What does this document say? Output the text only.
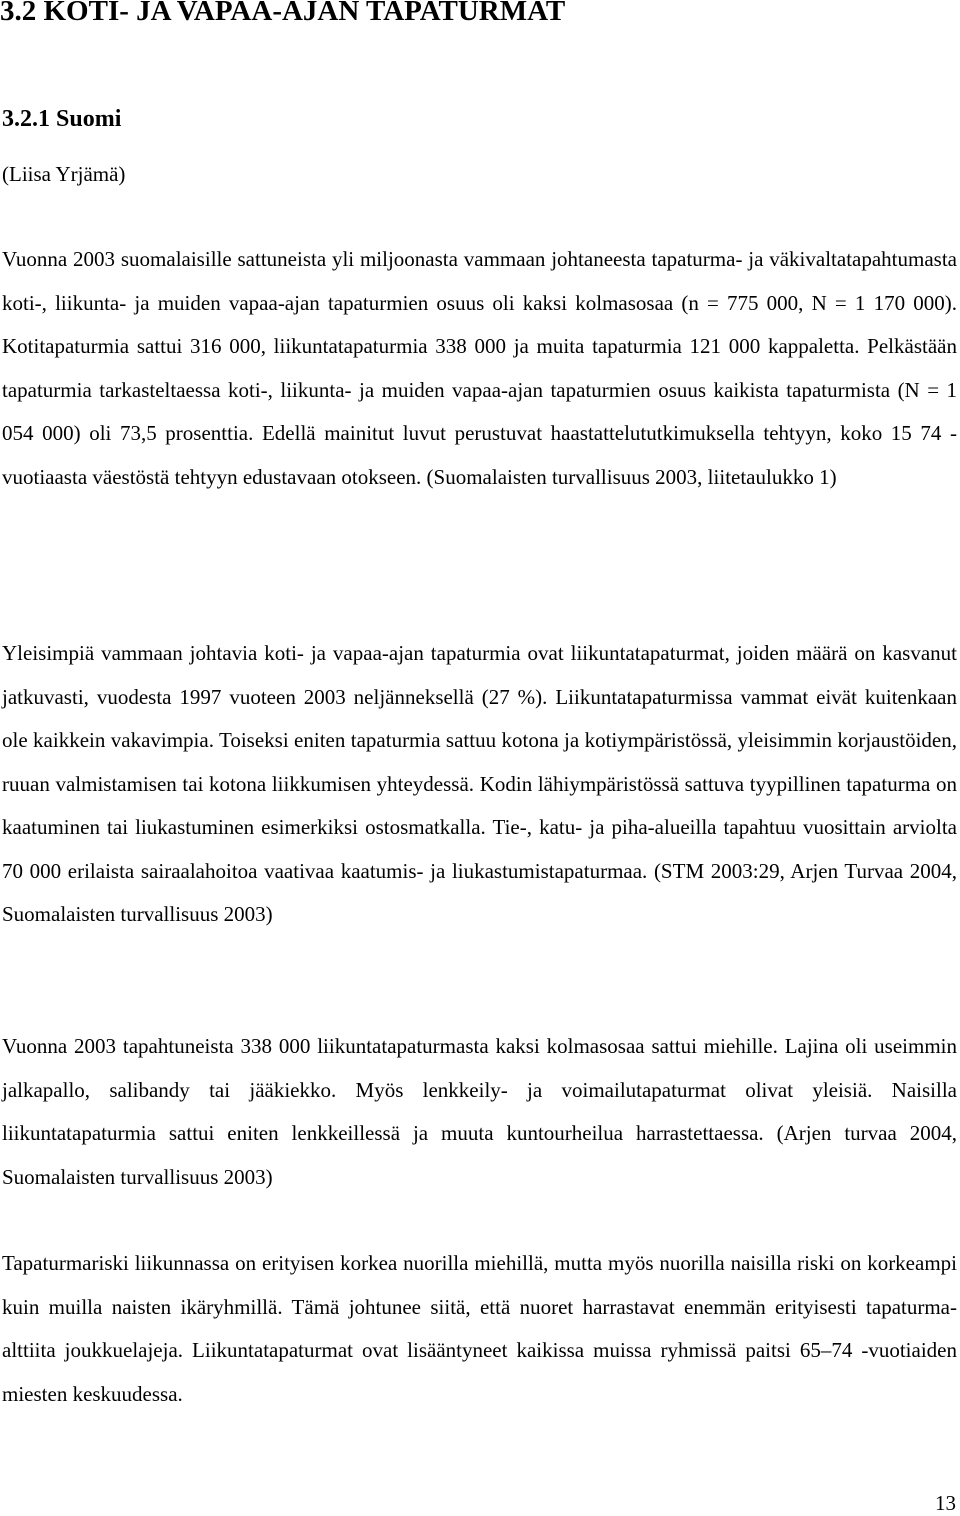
3.2 KOTI- JA VAPAA-AJAN TAPATURMAT
3.2.1 Suomi

(Liisa Yrjämä)

Vuonna 2003 suomalaisille sattuneista yli miljoonasta vammaan johtaneesta tapaturma- ja väkivaltatapahtumasta koti-, liikunta- ja muiden vapaa-ajan tapaturmien osuus oli kaksi kolmasosaa (n = 775 000, N = 1 170 000). Kotitapaturmia sattui 316 000, liikuntatapaturmia 338 000 ja muita tapaturmia 121 000 kappaletta. Pelkästään tapaturmia tarkasteltaessa koti-, liikunta- ja muiden vapaa-ajan tapaturmien osuus kaikista tapaturmista (N = 1 054 000) oli 73,5 prosenttia. Edellä mainitut luvut perustuvat haastattelututkimuksella tehtyyn, koko 15 74 -vuotiaasta väestöstä tehtyyn edustavaan otokseen. (Suomalaisten turvallisuus 2003, liitetaulukko 1)

Yleisimpiä vammaan johtavia koti- ja vapaa-ajan tapaturmia ovat liikuntatapaturmat, joiden määrä on kasvanut jatkuvasti, vuodesta 1997 vuoteen 2003 neljänneksellä (27 %). Liikuntatapaturmissa vammat eivät kuitenkaan ole kaikkein vakavimpia. Toiseksi eniten tapaturmia sattuu kotona ja kotiympäristössä, yleisimmin korjaustöiden, ruuan valmistamisen tai kotona liikkumisen yhteydessä. Kodin lähiympäristössä sattuva tyypillinen tapaturma on kaatuminen tai liukastuminen esimerkiksi ostosmatkalla. Tie-, katu- ja piha-alueilla tapahtuu vuosittain arviolta 70 000 erilaista sairaalahoitoa vaativaa kaatumis- ja liukastumistapaturmaa. (STM 2003:29, Arjen Turvaa 2004, Suomalaisten turvallisuus 2003)

Vuonna 2003 tapahtuneista 338 000 liikuntatapaturmasta kaksi kolmasosaa sattui miehille. Lajina oli useimmin jalkapallo, salibandy tai jääkiekko. Myös lenkkeily- ja voimailutapaturmat olivat yleisiä. Naisilla liikuntatapaturmia sattui eniten lenkkeillessä ja muuta kuntourheilua harrastettaessa. (Arjen turvaa 2004, Suomalaisten turvallisuus 2003)

Tapaturmariski liikunnassa on erityisen korkea nuorilla miehillä, mutta myös nuorilla naisilla riski on korkeampi kuin muilla naisten ikäryhmillä. Tämä johtunee siitä, että nuoret harrastavat enemmän erityisesti tapaturma-alttiita joukkuelajeja. Liikuntatapaturmat ovat lisääntyneet kaikissa muissa ryhmissä paitsi 65–74 -vuotiaiden miesten keskuudessa.

13
